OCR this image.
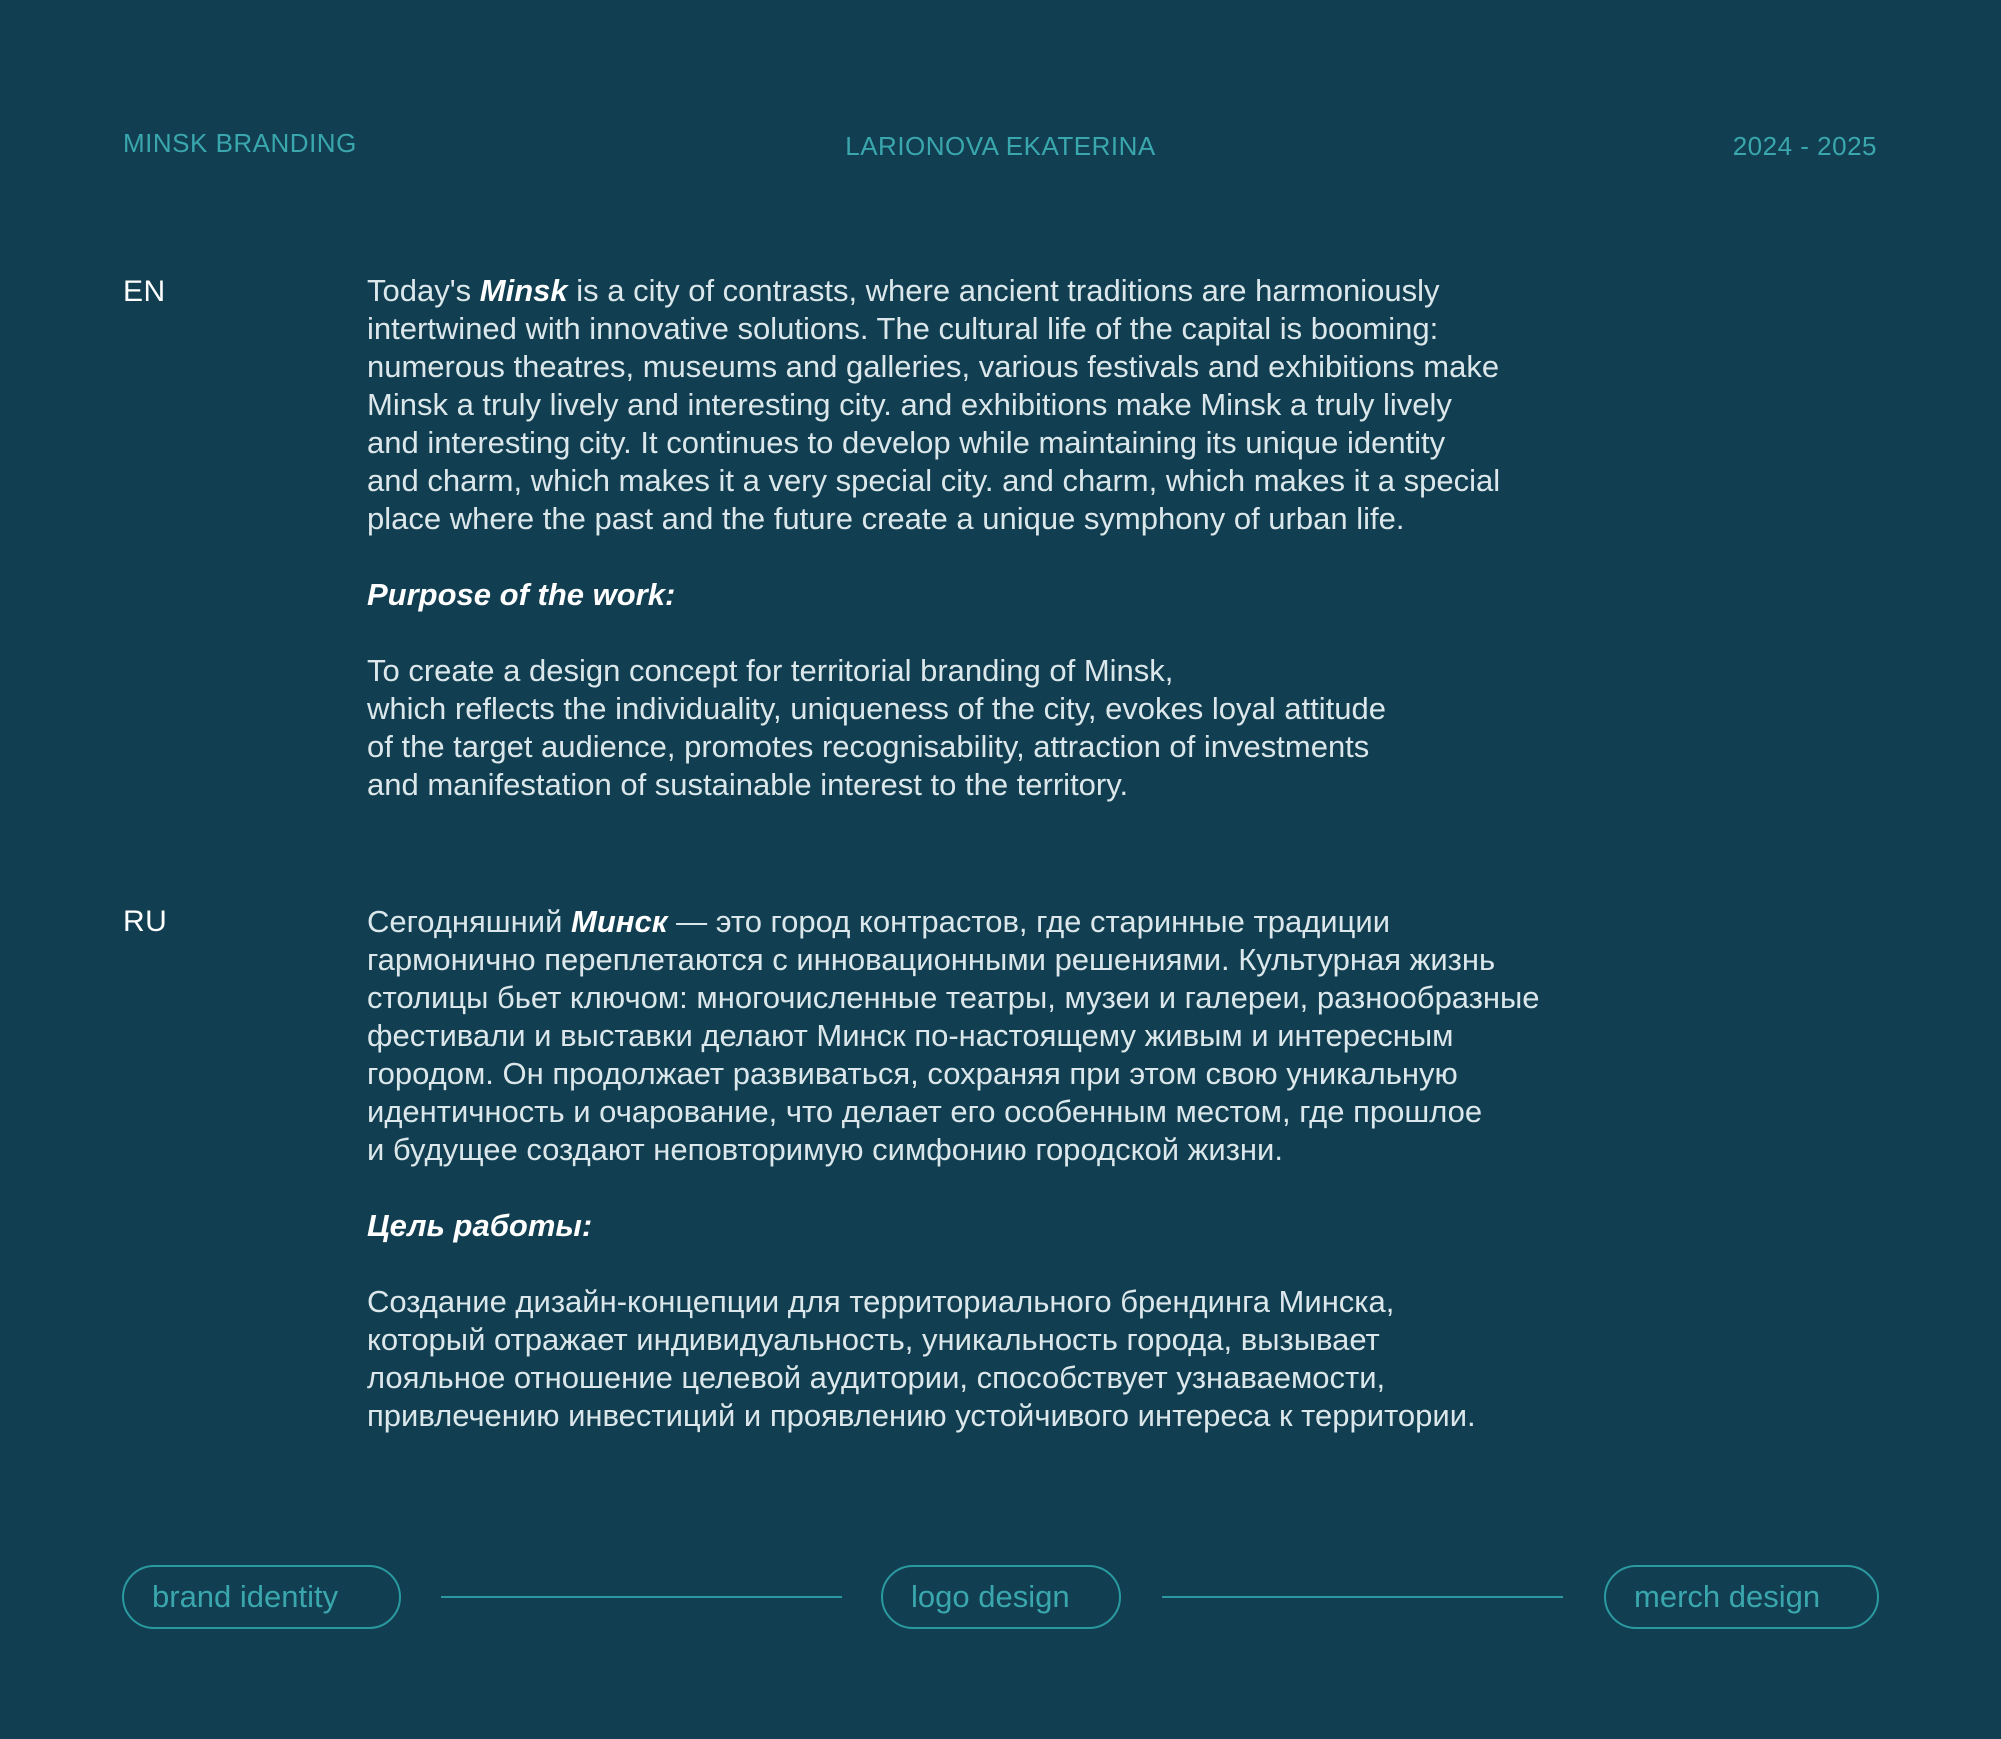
MINSK BRANDING	LARIONOVA EKATERINA	2024 - 2025
EN	Today's Minsk is a city of contrasts, where ancient traditions are harmoniously

intertwined with innovative solutions. The cultural life of the capital is booming:

numerous theatres, museums and galleries, various festivals and exhibitions make

Minsk a truly lively and interesting city. and exhibitions make Minsk a truly lively

and interesting city. It continues to develop while maintaining its unique identity

and charm, which makes it a very special city. and charm, which makes it a special

place where the past and the future create a unique symphony of urban life.

Purpose of the work:

To create a design concept for territorial branding of Minsk,

which reflects the individuality, uniqueness of the city, evokes loyal attitude

of the target audience, promotes recognisability, attraction of investments

and manifestation of sustainable interest to the territory.

RU	Сегодняшний Минск — это город контрастов, где старинные традиции

гармонично переплетаются с инновационными решениями. Культурная жизнь

столицы бьет ключом: многочисленные театры, музеи и галереи, разнообразные

фестивали и выставки делают Минск по-настоящему живым и интересным

городом. Он продолжает развиваться, сохраняя при этом свою уникальную

идентичность и очарование, что делает его особенным местом, где прошлое

и будущее создают неповторимую симфонию городской жизни.

Цель работы:

Создание дизайн-концепции для территориального брендинга Минска,

который отражает индивидуальность, уникальность города, вызывает

лояльное отношение целевой аудитории, способствует узнаваемости,

привлечению инвестиций и проявлению устойчивого интереса к территории.

brand identity	logo design	merch design
